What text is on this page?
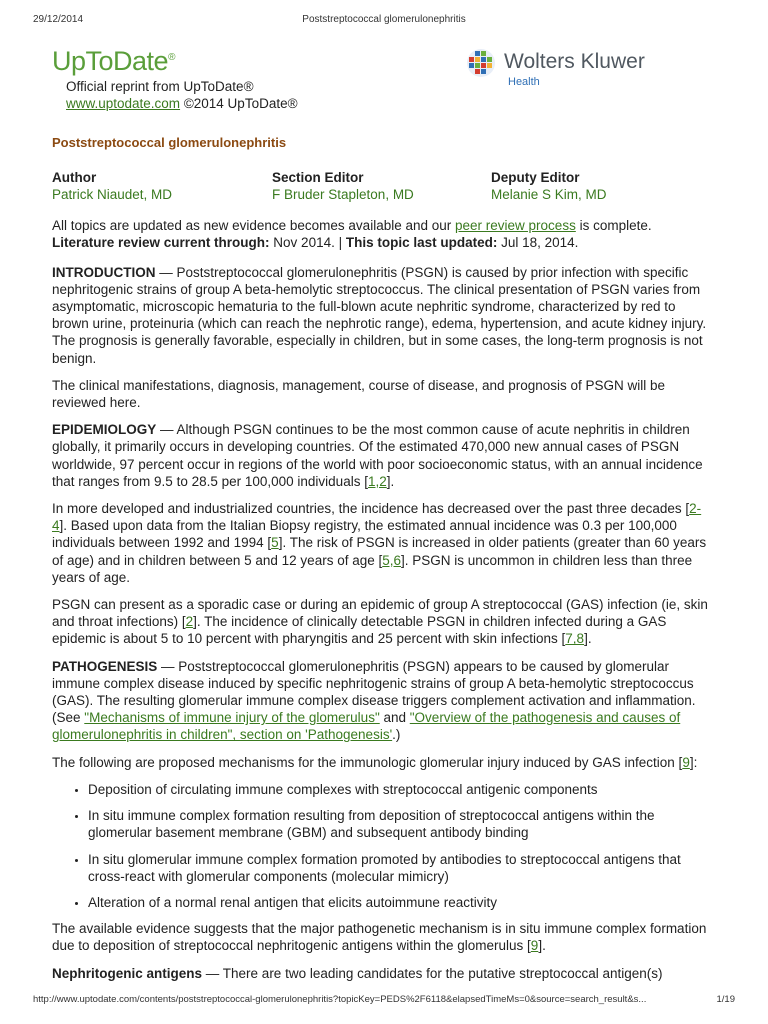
29/12/2014	Poststreptococcal glomerulonephritis
UpToDate®
Official reprint from UpToDate®
www.uptodate.com ©2014 UpToDate®
Wolters Kluwer
Health
Poststreptococcal glomerulonephritis
Author
Patrick Niaudet, MD
Section Editor
F Bruder Stapleton, MD
Deputy Editor
Melanie S Kim, MD

All topics are updated as new evidence becomes available and our peer review process is complete.
Literature review current through: Nov 2014. | This topic last updated: Jul 18, 2014.

INTRODUCTION — Poststreptococcal glomerulonephritis (PSGN) is caused by prior infection with specific nephritogenic strains of group A beta-hemolytic streptococcus. The clinical presentation of PSGN varies from asymptomatic, microscopic hematuria to the full-blown acute nephritic syndrome, characterized by red to brown urine, proteinuria (which can reach the nephrotic range), edema, hypertension, and acute kidney injury. The prognosis is generally favorable, especially in children, but in some cases, the long-term prognosis is not benign.

The clinical manifestations, diagnosis, management, course of disease, and prognosis of PSGN will be reviewed here.

EPIDEMIOLOGY — Although PSGN continues to be the most common cause of acute nephritis in children globally, it primarily occurs in developing countries. Of the estimated 470,000 new annual cases of PSGN worldwide, 97 percent occur in regions of the world with poor socioeconomic status, with an annual incidence that ranges from 9.5 to 28.5 per 100,000 individuals [1,2].

In more developed and industrialized countries, the incidence has decreased over the past three decades [2-4]. Based upon data from the Italian Biopsy registry, the estimated annual incidence was 0.3 per 100,000 individuals between 1992 and 1994 [5]. The risk of PSGN is increased in older patients (greater than 60 years of age) and in children between 5 and 12 years of age [5,6]. PSGN is uncommon in children less than three years of age.

PSGN can present as a sporadic case or during an epidemic of group A streptococcal (GAS) infection (ie, skin and throat infections) [2]. The incidence of clinically detectable PSGN in children infected during a GAS epidemic is about 5 to 10 percent with pharyngitis and 25 percent with skin infections [7,8].

PATHOGENESIS — Poststreptococcal glomerulonephritis (PSGN) appears to be caused by glomerular immune complex disease induced by specific nephritogenic strains of group A beta-hemolytic streptococcus (GAS). The resulting glomerular immune complex disease triggers complement activation and inflammation. (See "Mechanisms of immune injury of the glomerulus" and "Overview of the pathogenesis and causes of glomerulonephritis in children", section on 'Pathogenesis'.)

The following are proposed mechanisms for the immunologic glomerular injury induced by GAS infection [9]:

• Deposition of circulating immune complexes with streptococcal antigenic components
• In situ immune complex formation resulting from deposition of streptococcal antigens within the glomerular basement membrane (GBM) and subsequent antibody binding
• In situ glomerular immune complex formation promoted by antibodies to streptococcal antigens that cross-react with glomerular components (molecular mimicry)
• Alteration of a normal renal antigen that elicits autoimmune reactivity

The available evidence suggests that the major pathogenetic mechanism is in situ immune complex formation due to deposition of streptococcal nephritogenic antigens within the glomerulus [9].

Nephritogenic antigens — There are two leading candidates for the putative streptococcal antigen(s)

http://www.uptodate.com/contents/poststreptococcal-glomerulonephritis?topicKey=PEDS%2F6118&elapsedTimeMs=0&source=search_result&s...	1/19
